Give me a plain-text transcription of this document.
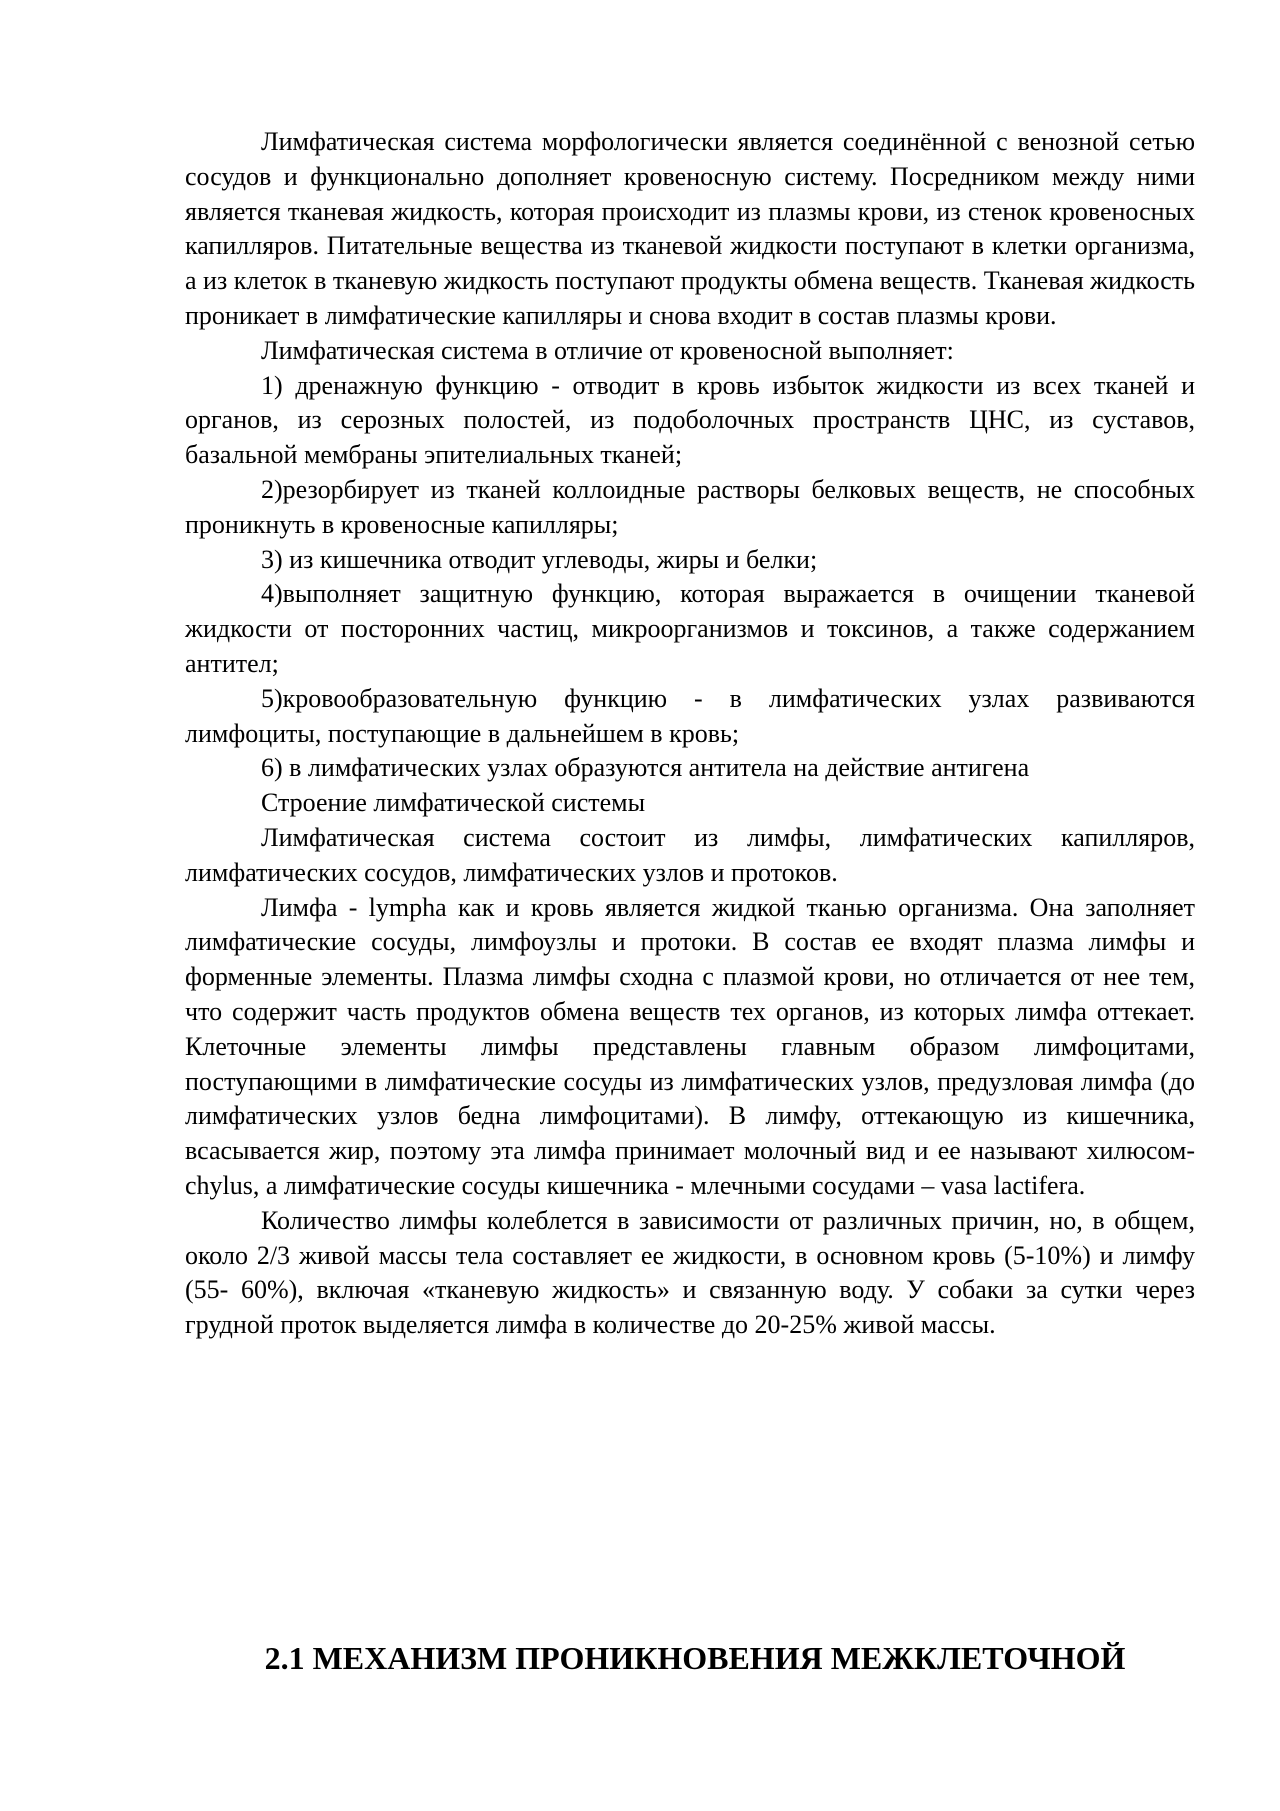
Лимфатическая система морфологически является соединённой с венозной сетью сосудов и функционально дополняет кровеносную систему. Посредником между ними является тканевая жидкость, которая происходит из плазмы крови, из стенок кровеносных капилляров. Питательные вещества из тканевой жидкости поступают в клетки организма, а из клеток в тканевую жидкость поступают продукты обмена веществ. Тканевая жидкость проникает в лимфатические капилляры и снова входит в состав плазмы крови.

Лимфатическая система в отличие от кровеносной выполняет:

1) дренажную функцию - отводит в кровь избыток жидкости из всех тканей и органов, из серозных полостей, из подоболочных пространств ЦНС, из суставов, базальной мембраны эпителиальных тканей;

2)резорбирует из тканей коллоидные растворы белковых веществ, не способных проникнуть в кровеносные капилляры;

3) из кишечника отводит углеводы, жиры и белки;

4)выполняет защитную функцию, которая выражается в очищении тканевой жидкости от посторонних частиц, микроорганизмов и токсинов, а также содержанием антител;

5)кровообразовательную функцию - в лимфатических узлах развиваются лимфоциты, поступающие в дальнейшем в кровь;

6) в лимфатических узлах образуются антитела на действие антигена

Строение лимфатической системы

Лимфатическая система состоит из лимфы, лимфатических капилляров, лимфатических сосудов, лимфатических узлов и протоков.

Лимфа - lympha как и кровь является жидкой тканью организма. Она заполняет лимфатические сосуды, лимфоузлы и протоки. В состав ее входят плазма лимфы и форменные элементы. Плазма лимфы сходна с плазмой крови, но отличается от нее тем, что содержит часть продуктов обмена веществ тех органов, из которых лимфа оттекает. Клеточные элементы лимфы представлены главным образом лимфоцитами, поступающими в лимфатические сосуды из лимфатических узлов, предузловая лимфа (до лимфатических узлов бедна лимфоцитами). В лимфу, оттекающую из кишечника, всасывается жир, поэтому эта лимфа принимает молочный вид и ее называют хилюсом-chylus, а лимфатические сосуды кишечника - млечными сосудами – vasa lactifera.

Количество лимфы колеблется в зависимости от различных причин, но, в общем, около 2/3 живой массы тела составляет ее жидкости, в основном кровь (5-10%) и лимфу (55- 60%), включая «тканевую жидкость» и связанную воду. У собаки за сутки через грудной проток выделяется лимфа в количестве до 20-25% живой массы.

2.1 МЕХАНИЗМ ПРОНИКНОВЕНИЯ МЕЖКЛЕТОЧНОЙ
